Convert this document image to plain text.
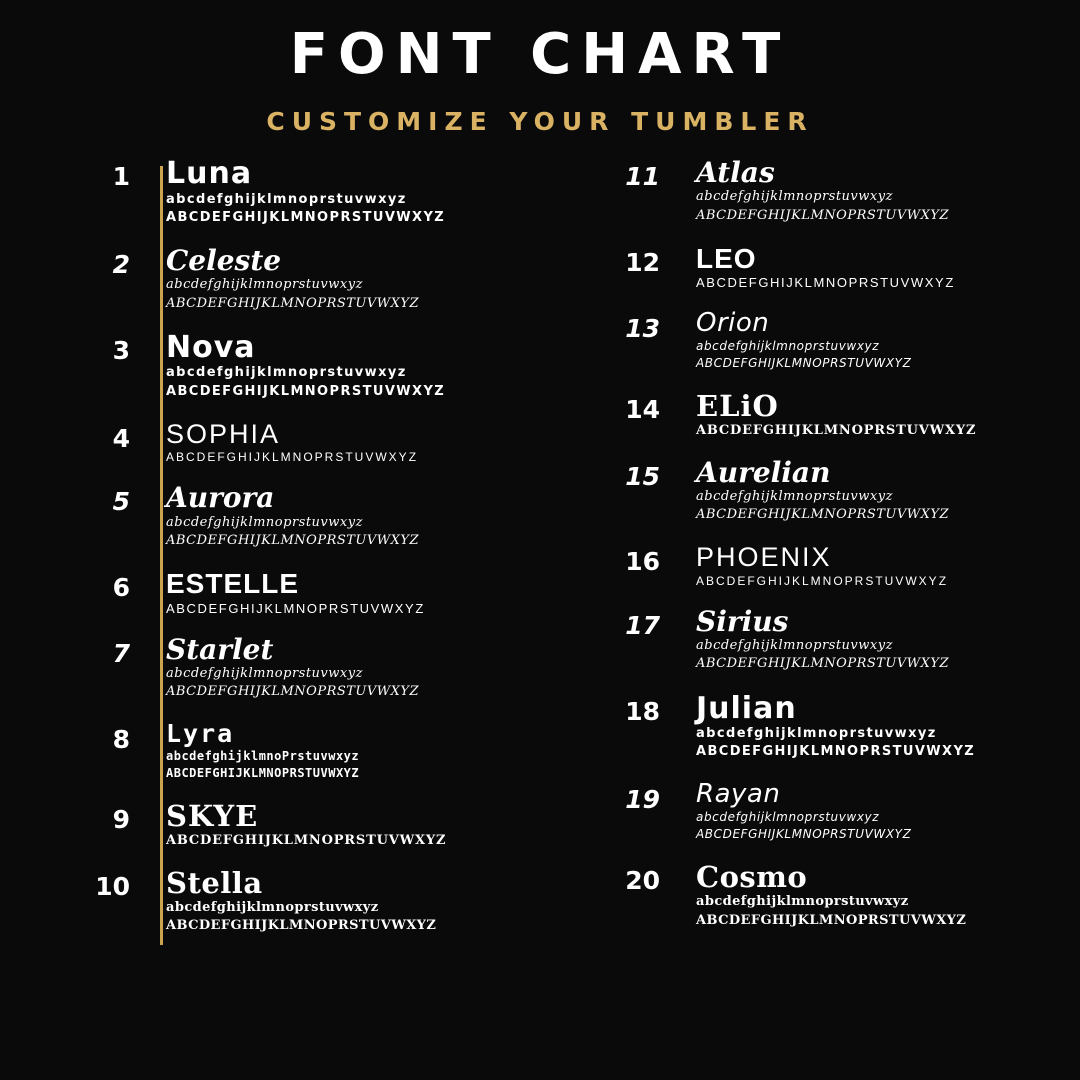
FONT CHART
CUSTOMIZE YOUR TUMBLER
1	Luna
abcdefghijklmnoprstuvwxyz
ABCDEFGHIJKLMNOPRSTUVWXYZ
2	Celeste
abcdefghijklmnoprstuvwxyz
ABCDEFGHIJKLMNOPRSTUVWXYZ
3	Nova
abcdefghijklmnoprstuvwxyz
ABCDEFGHIJKLMNOPRSTUVWXYZ
4	SOPHIA
ABCDEFGHIJKLMNOPRSTUVWXYZ
5	Aurora
abcdefghijklmnoprstuvwxyz
ABCDEFGHIJKLMNOPRSTUVWXYZ
6	ESTELLE
ABCDEFGHIJKLMNOPRSTUVWXYZ
7	Starlet
abcdefghijklmnoprstuvwxyz
ABCDEFGHIJKLMNOPRSTUVWXYZ
8	Lyra
abcdefghijklmnoPrstuvwxyz
ABCDEFGHIJKLMNOPRSTUVWXYZ
9	SKYE
ABCDEFGHIJKLMNOPRSTUVWXYZ
10	Stella
abcdefghijklmnoprstuvwxyz
ABCDEFGHIJKLMNOPRSTUVWXYZ
11	Atlas
abcdefghijklmnoprstuvwxyz
ABCDEFGHIJKLMNOPRSTUVWXYZ
12	LEO
ABCDEFGHIJKLMNOPRSTUVWXYZ
13	Orion
abcdefghijklmnoprstuvwxyz
ABCDEFGHIJKLMNOPRSTUVWXYZ
14	ELiO
ABCDEFGHIJKLMNOPRSTUVWXYZ
15	Aurelian
abcdefghijklmnoprstuvwxyz
ABCDEFGHIJKLMNOPRSTUVWXYZ
16	PHOENIX
ABCDEFGHIJKLMNOPRSTUVWXYZ
17	Sirius
abcdefghijklmnoprstuvwxyz
ABCDEFGHIJKLMNOPRSTUVWXYZ
18	Julian
abcdefghijklmnoprstuvwxyz
ABCDEFGHIJKLMNOPRSTUVWXYZ
19	Rayan
abcdefghijklmnoprstuvwxyz
ABCDEFGHIJKLMNOPRSTUVWXYZ
20	Cosmo
abcdefghijklmnoprstuvwxyz
ABCDEFGHIJKLMNOPRSTUVWXYZ
